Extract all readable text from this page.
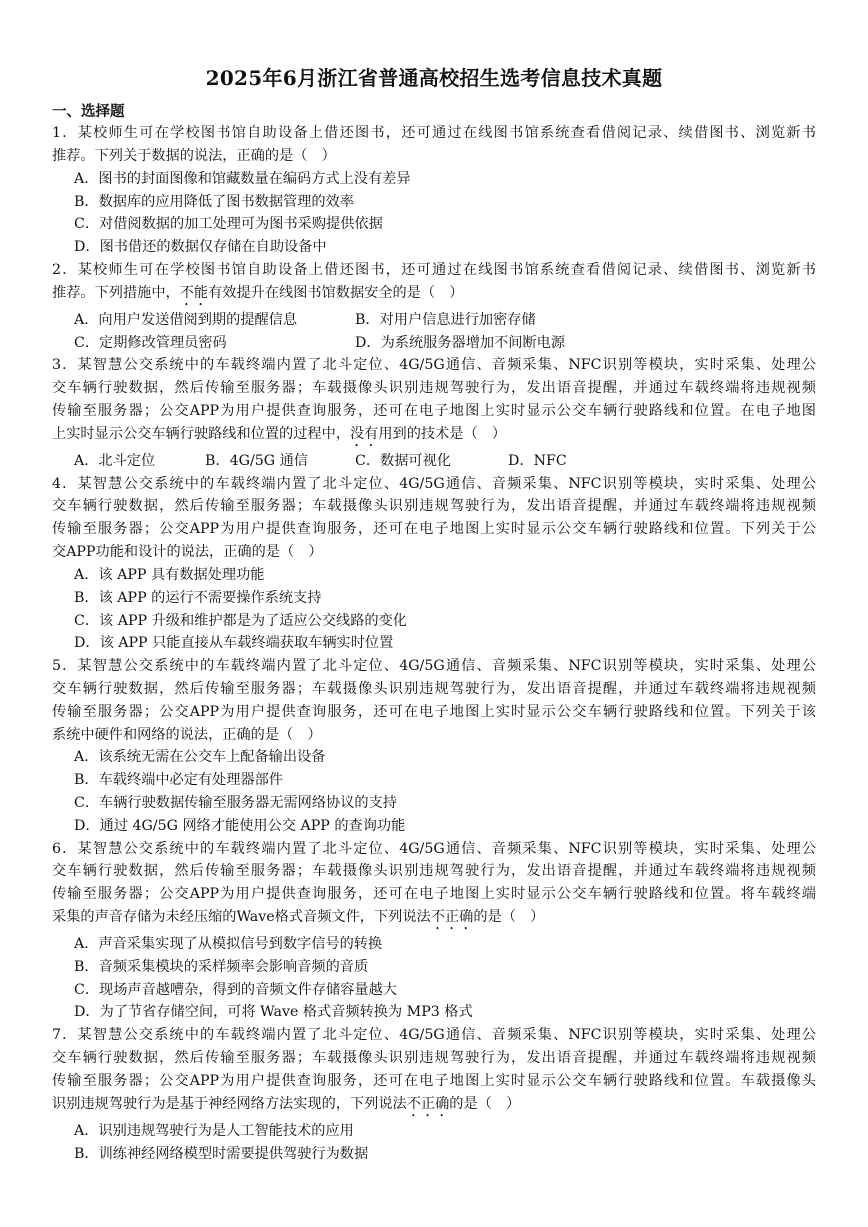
2025年6月浙江省普通高校招生选考信息技术真题
一、选择题
1．某校师生可在学校图书馆自助设备上借还图书，还可通过在线图书馆系统查看借阅记录、续借图书、浏览新书
推荐。下列关于数据的说法，正确的是（　）
A．图书的封面图像和馆藏数量在编码方式上没有差异
B．数据库的应用降低了图书数据管理的效率
C．对借阅数据的加工处理可为图书采购提供依据
D．图书借还的数据仅存储在自助设备中
2．某校师生可在学校图书馆自助设备上借还图书，还可通过在线图书馆系统查看借阅记录、续借图书、浏览新书
推荐。下列措施中，不能有效提升在线图书馆数据安全的是（　）
A．向用户发送借阅到期的提醒信息	B．对用户信息进行加密存储
C．定期修改管理员密码	D．为系统服务器增加不间断电源
3．某智慧公交系统中的车载终端内置了北斗定位、4G/5G通信、音频采集、NFC识别等模块，实时采集、处理公
交车辆行驶数据，然后传输至服务器；车载摄像头识别违规驾驶行为，发出语音提醒，并通过车载终端将违规视频
传输至服务器；公交APP为用户提供查询服务，还可在电子地图上实时显示公交车辆行驶路线和位置。在电子地图
上实时显示公交车辆行驶路线和位置的过程中，没有用到的技术是（　）
A．北斗定位	B．4G/5G 通信	C．数据可视化	D．NFC
4．某智慧公交系统中的车载终端内置了北斗定位、4G/5G通信、音频采集、NFC识别等模块，实时采集、处理公
交车辆行驶数据，然后传输至服务器；车载摄像头识别违规驾驶行为，发出语音提醒，并通过车载终端将违规视频
传输至服务器；公交APP为用户提供查询服务，还可在电子地图上实时显示公交车辆行驶路线和位置。下列关于公
交APP功能和设计的说法，正确的是（　）
A．该 APP 具有数据处理功能
B．该 APP 的运行不需要操作系统支持
C．该 APP 升级和维护都是为了适应公交线路的变化
D．该 APP 只能直接从车载终端获取车辆实时位置
5．某智慧公交系统中的车载终端内置了北斗定位、4G/5G通信、音频采集、NFC识别等模块，实时采集、处理公
交车辆行驶数据，然后传输至服务器；车载摄像头识别违规驾驶行为，发出语音提醒，并通过车载终端将违规视频
传输至服务器；公交APP为用户提供查询服务，还可在电子地图上实时显示公交车辆行驶路线和位置。下列关于该
系统中硬件和网络的说法，正确的是（　）
A．该系统无需在公交车上配备输出设备
B．车载终端中必定有处理器部件
C．车辆行驶数据传输至服务器无需网络协议的支持
D．通过 4G/5G 网络才能使用公交 APP 的查询功能
6．某智慧公交系统中的车载终端内置了北斗定位、4G/5G通信、音频采集、NFC识别等模块，实时采集、处理公
交车辆行驶数据，然后传输至服务器；车载摄像头识别违规驾驶行为，发出语音提醒，并通过车载终端将违规视频
传输至服务器；公交APP为用户提供查询服务，还可在电子地图上实时显示公交车辆行驶路线和位置。将车载终端
采集的声音存储为未经压缩的Wave格式音频文件，下列说法不正确的是（　）
A．声音采集实现了从模拟信号到数字信号的转换
B．音频采集模块的采样频率会影响音频的音质
C．现场声音越嘈杂，得到的音频文件存储容量越大
D．为了节省存储空间，可将 Wave 格式音频转换为 MP3 格式
7．某智慧公交系统中的车载终端内置了北斗定位、4G/5G通信、音频采集、NFC识别等模块，实时采集、处理公
交车辆行驶数据，然后传输至服务器；车载摄像头识别违规驾驶行为，发出语音提醒，并通过车载终端将违规视频
传输至服务器；公交APP为用户提供查询服务，还可在电子地图上实时显示公交车辆行驶路线和位置。车载摄像头
识别违规驾驶行为是基于神经网络方法实现的，下列说法不正确的是（　）
A．识别违规驾驶行为是人工智能技术的应用
B．训练神经网络模型时需要提供驾驶行为数据
